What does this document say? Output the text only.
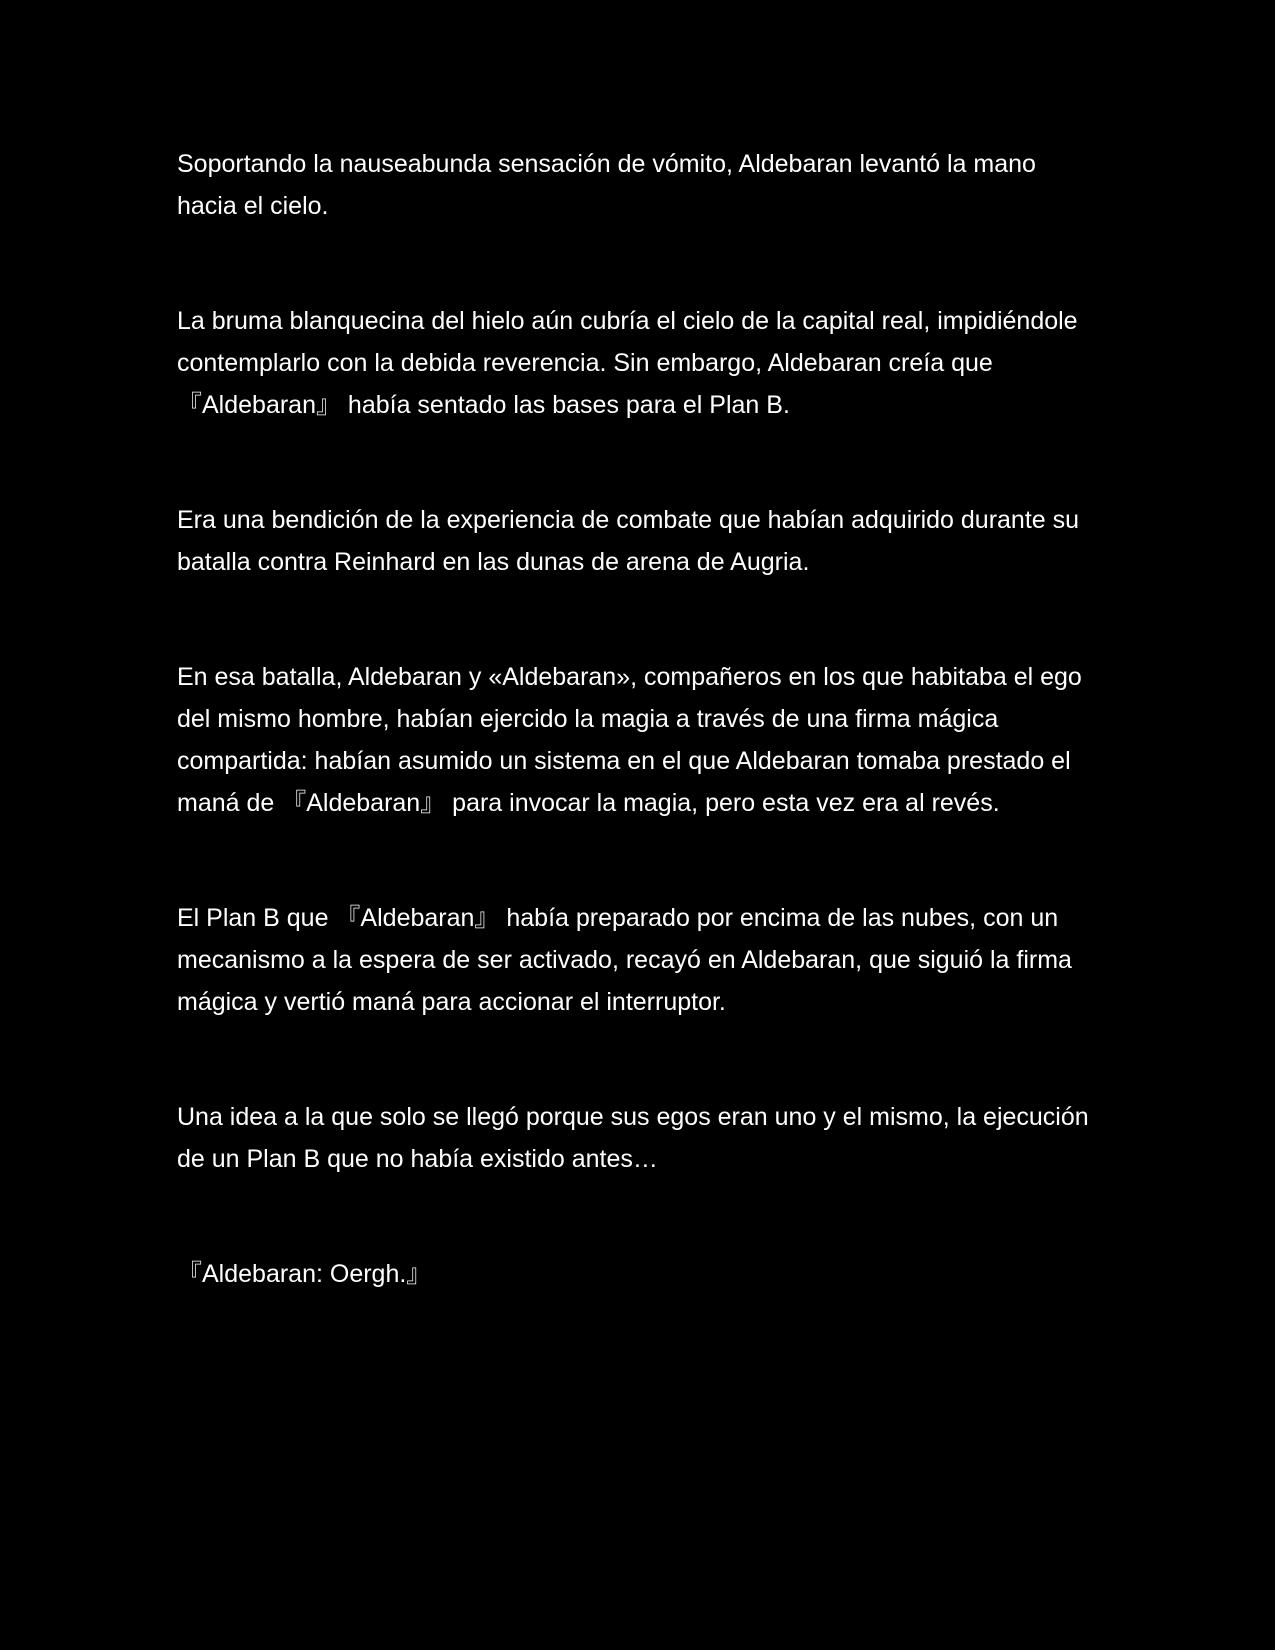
Soportando la nauseabunda sensación de vómito, Aldebaran levantó la mano hacia el cielo.

La bruma blanquecina del hielo aún cubría el cielo de la capital real, impidiéndole contemplarlo con la debida reverencia. Sin embargo, Aldebaran creía que 『Aldebaran』 había sentado las bases para el Plan B.

Era una bendición de la experiencia de combate que habían adquirido durante su batalla contra Reinhard en las dunas de arena de Augria.

En esa batalla, Aldebaran y «Aldebaran», compañeros en los que habitaba el ego del mismo hombre, habían ejercido la magia a través de una firma mágica compartida: habían asumido un sistema en el que Aldebaran tomaba prestado el maná de 『Aldebaran』 para invocar la magia, pero esta vez era al revés.

El Plan B que 『Aldebaran』 había preparado por encima de las nubes, con un mecanismo a la espera de ser activado, recayó en Aldebaran, que siguió la firma mágica y vertió maná para accionar el interruptor.

Una idea a la que solo se llegó porque sus egos eran uno y el mismo, la ejecución de un Plan B que no había existido antes…

『Aldebaran: Oergh.』
